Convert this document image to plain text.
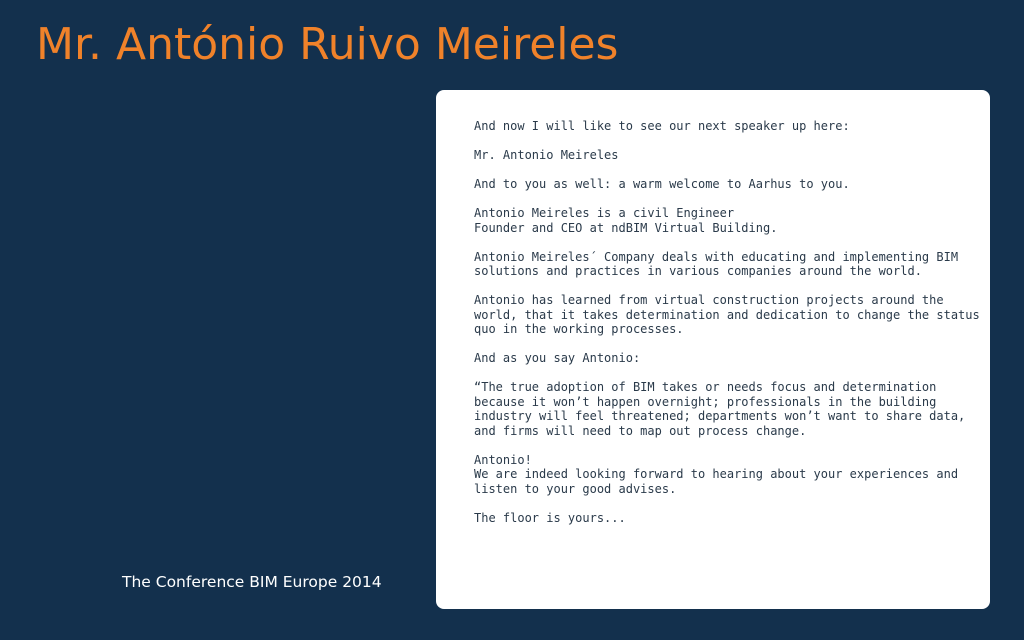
Mr. António Ruivo Meireles

And now I will like to see our next speaker up here:

Mr. Antonio Meireles

And to you as well: a warm welcome to Aarhus to you.

Antonio Meireles is a civil Engineer
Founder and CEO at ndBIM Virtual Building.

Antonio Meireles´ Company deals with educating and implementing BIM
solutions and practices in various companies around the world.

Antonio has learned from virtual construction projects around the
world, that it takes determination and dedication to change the status
quo in the working processes.

And as you say Antonio:

“The true adoption of BIM takes or needs focus and determination
because it won’t happen overnight; professionals in the building
industry will feel threatened; departments won’t want to share data,
and firms will need to map out process change.

Antonio!
We are indeed looking forward to hearing about your experiences and
listen to your good advises.

The floor is yours...

The Conference BIM Europe 2014
